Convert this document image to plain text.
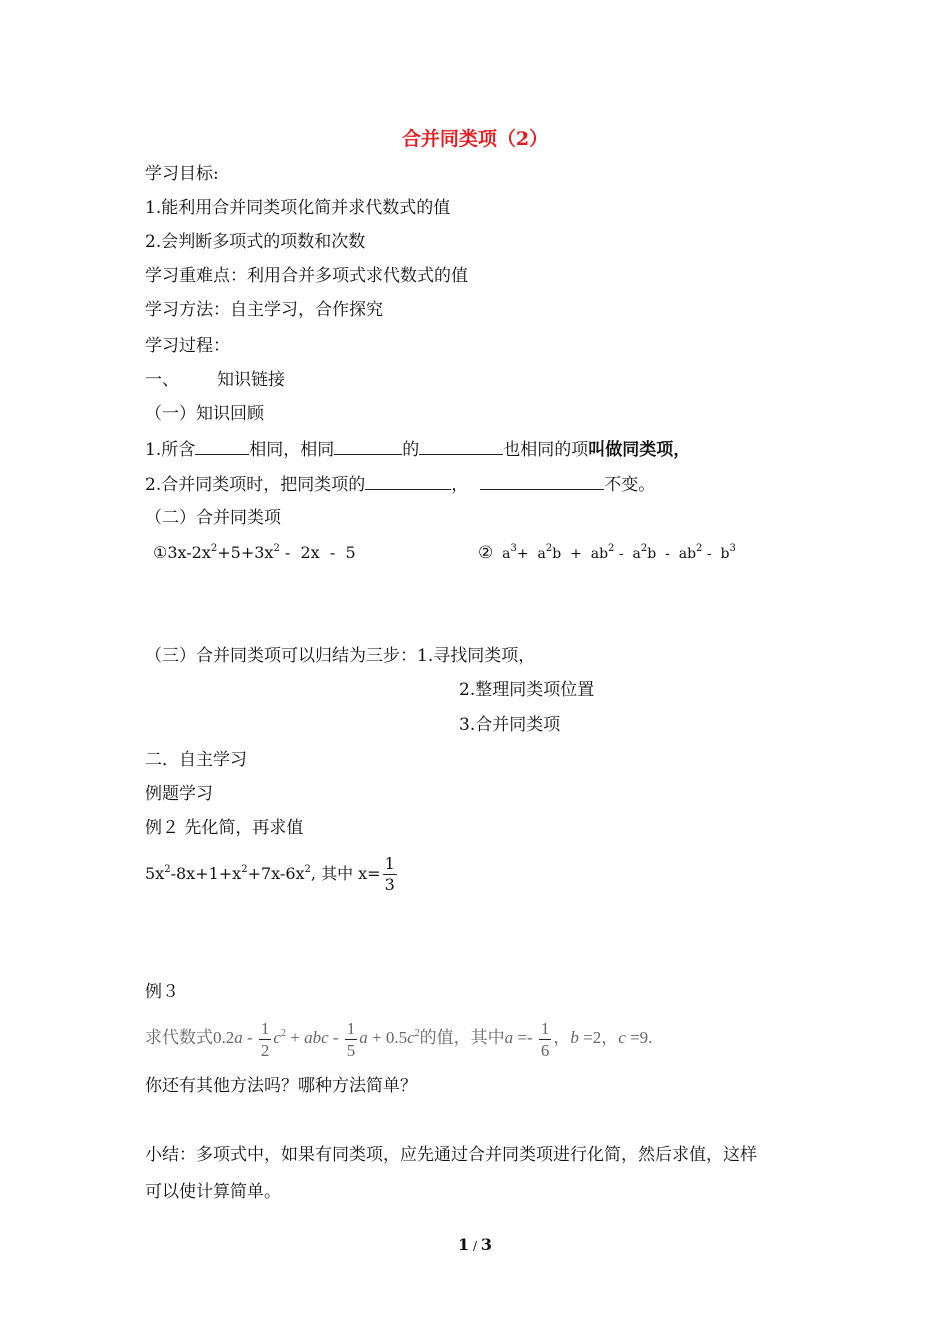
合并同类项（2）
学习目标:
1.能利用合并同类项化简并求代数式的值
2.会判断多项式的项数和次数
学习重难点：利用合并多项式求代数式的值
学习方法：自主学习，合作探究
学习过程：
一、 知识链接
（一）知识回顾
1.所含	相同，相同	的	也相同的项叫做同类项，
2.合并同类项时，把同类项的	，	不变。
（二）合并同类项
$①3x-2x^2+5+3x^2 - 2x - 5$	②  $a^3+ a^2b + ab^2 - a^2b - ab^2 - b^3$
（三）合并同类项可以归结为三步：1.寻找同类项，
2.整理同类项位置
3.合并同类项
二．自主学习
例题学习
例２ 先化简，再求值
$5x^2-8x+1+x^2+7x-6x^2$, 其中 $x= \frac{1}{3}$
例３
求代数式$0.2a - \frac{1}{2} c^2$ + abc - $\frac{1}{5}$ $a + 0.5c^2$的值，其中$a =- \frac{1}{6}$ ，b =2，c =9.
你还有其他方法吗？哪种方法简单？
小结：多项式中，如果有同类项，应先通过合并同类项进行化简，然后求值，这样
可以使计算简单。
1 / 3
